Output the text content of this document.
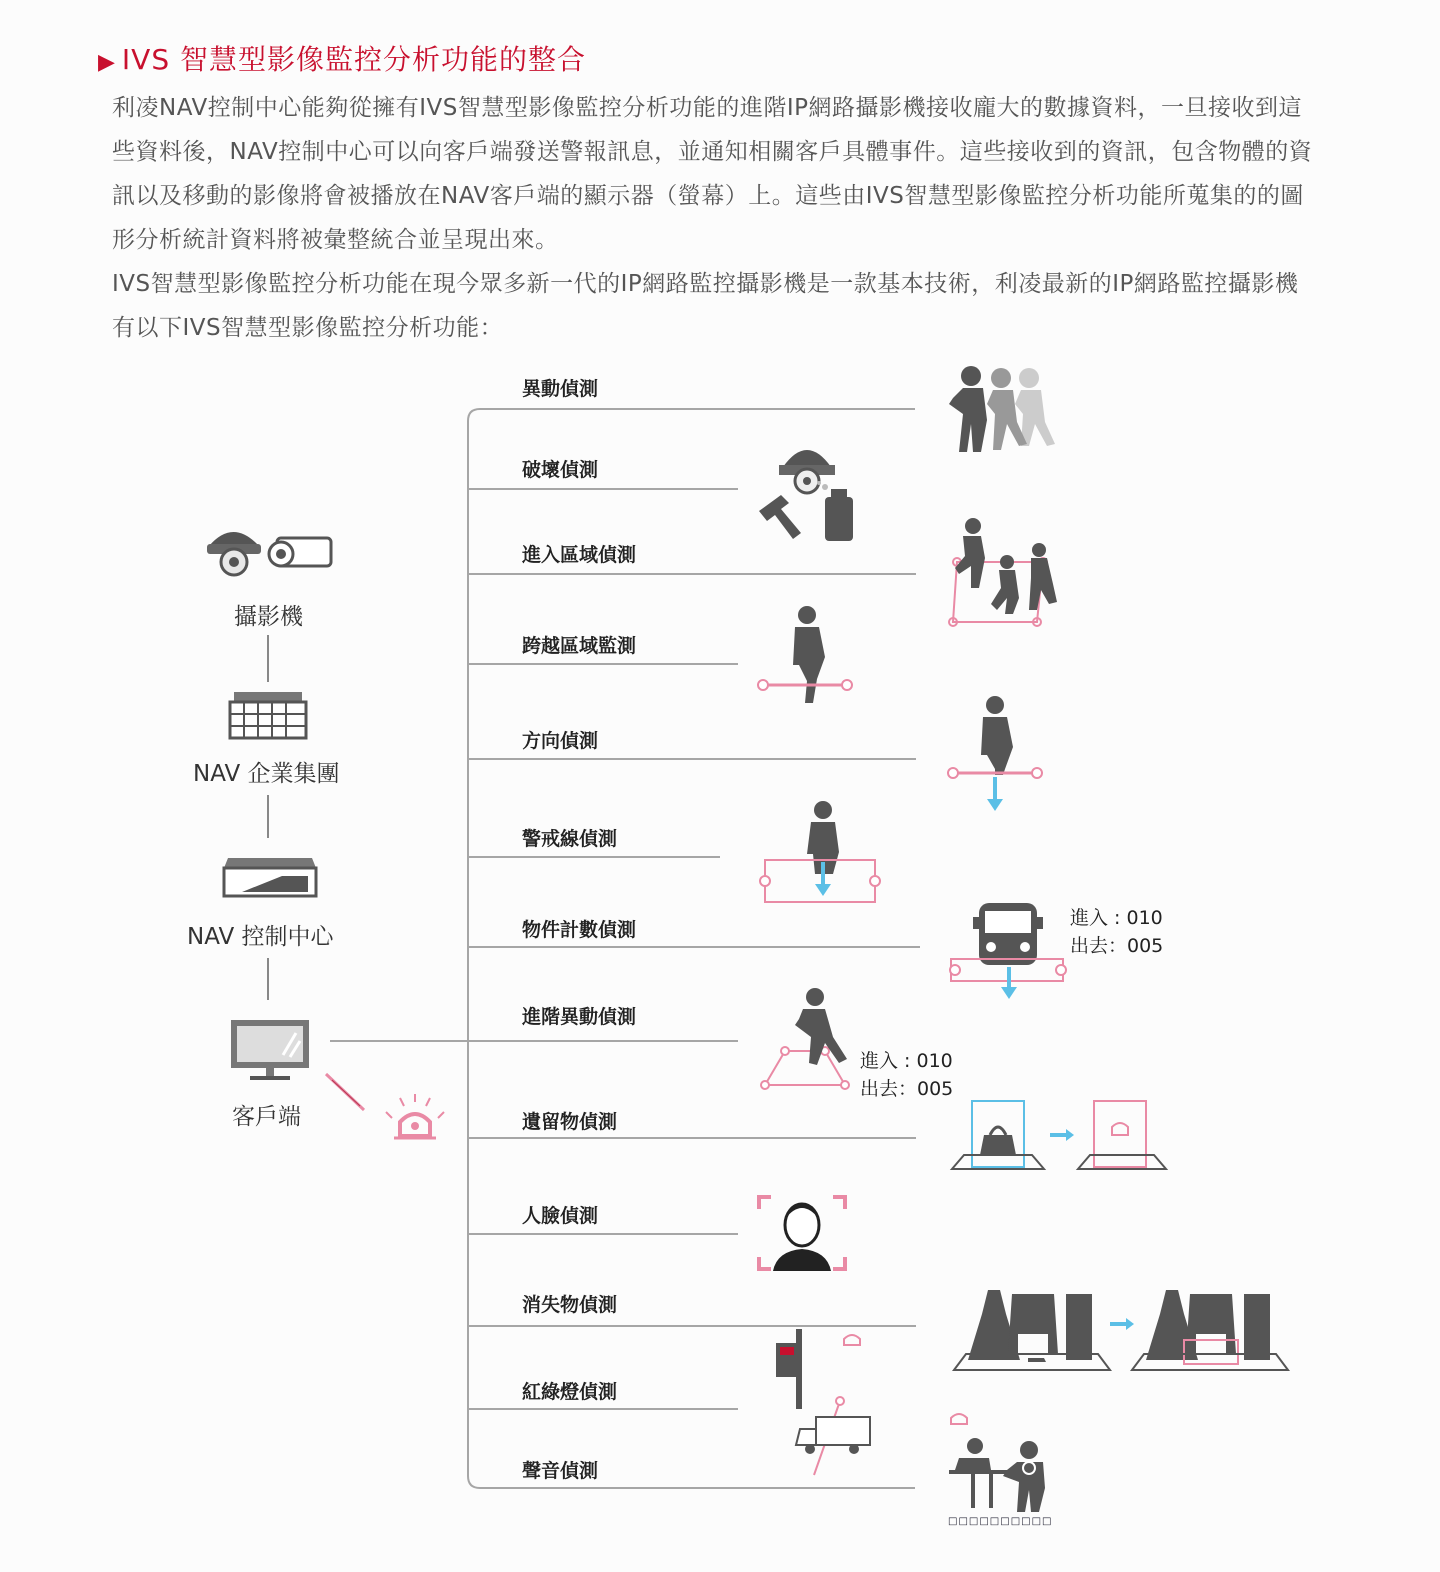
▶ IVS 智慧型影像監控分析功能的整合
利凌NAV控制中心能夠從擁有IVS智慧型影像監控分析功能的進階IP網路攝影機接收龐大的數據資料，一旦接收到這些資料後，NAV控制中心可以向客戶端發送警報訊息，並通知相關客戶具體事件。這些接收到的資訊，包含物體的資訊以及移動的影像將會被播放在NAV客戶端的顯示器（螢幕）上。這些由IVS智慧型影像監控分析功能所蒐集的的圖形分析統計資料將被彙整統合並呈現出來。
IVS智慧型影像監控分析功能在現今眾多新一代的IP網路監控攝影機是一款基本技術，利凌最新的IP網路監控攝影機有以下IVS智慧型影像監控分析功能：
異動偵測
破壞偵測
進入區域偵測
跨越區域監測
方向偵測
警戒線偵測
物件計數偵測
進階異動偵測
遺留物偵測
人臉偵測
消失物偵測
紅綠燈偵測
聲音偵測
攝影機
NAV 企業集團
NAV 控制中心
客戶端
進入 : 010
出去：005
進入 : 010
出去：005
□□□□□□□□□□
